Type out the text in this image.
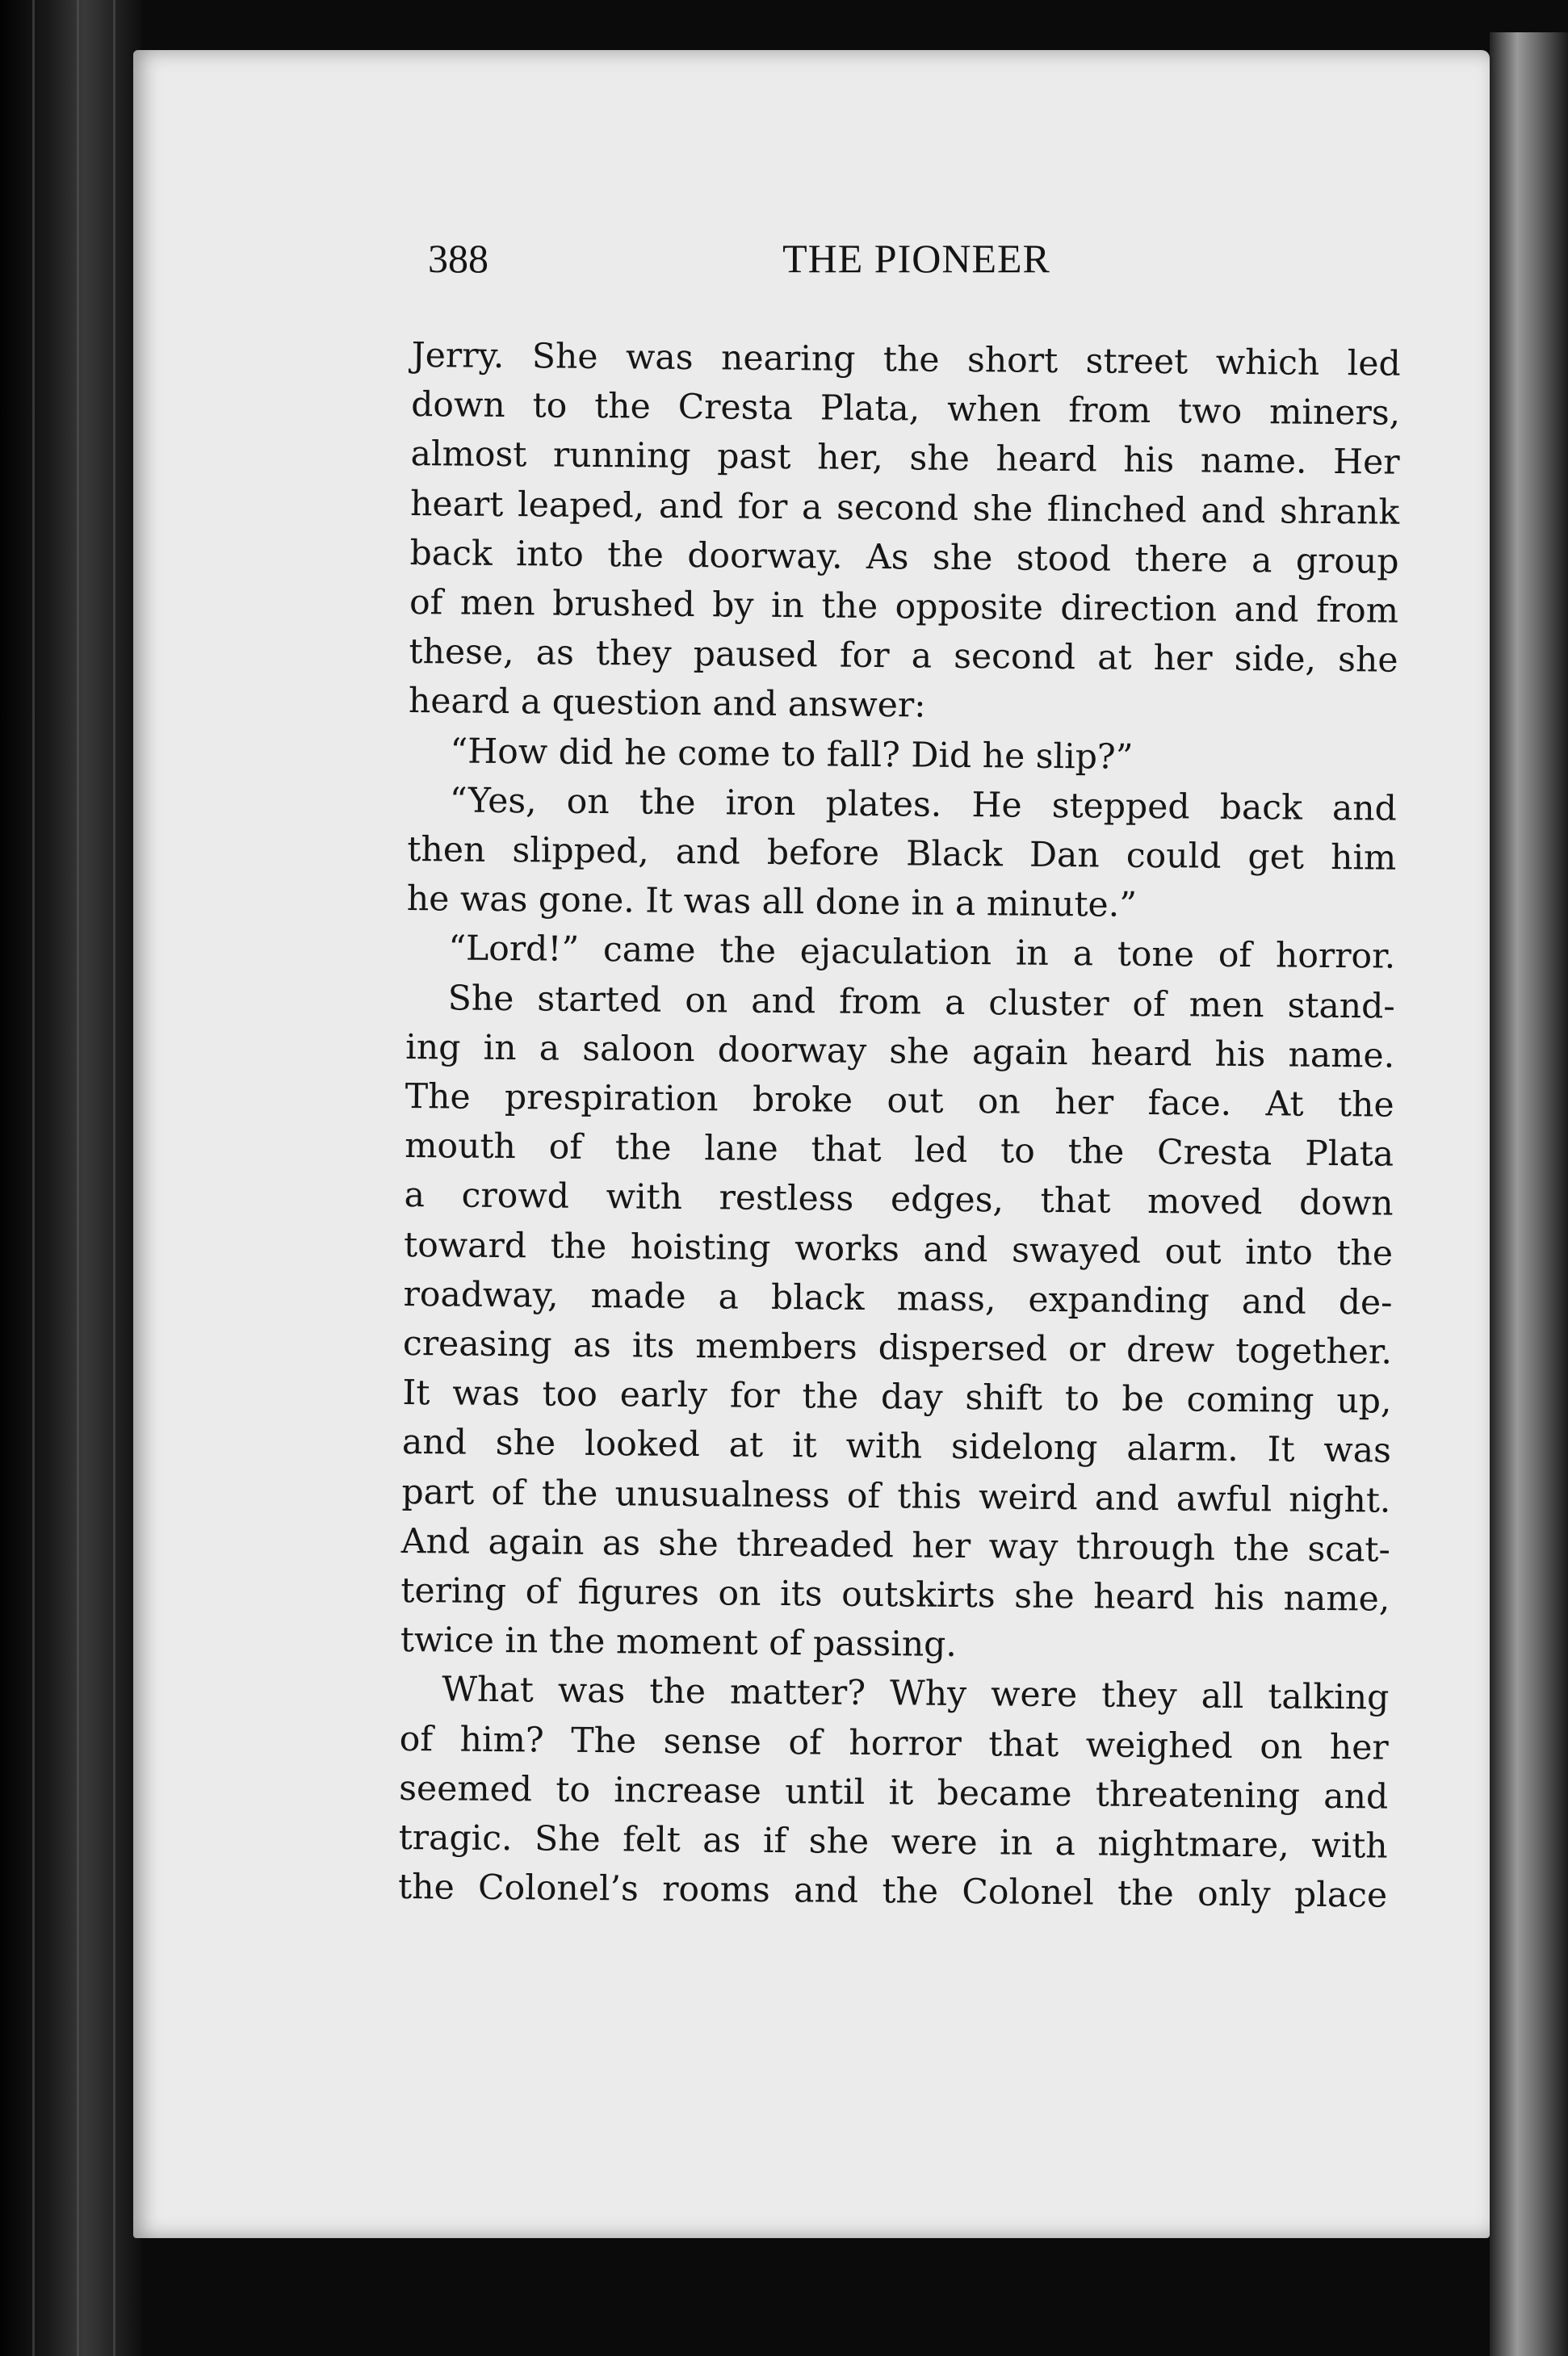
388	THE PIONEER
Jerry. She was nearing the short street which led
down to the Cresta Plata, when from two miners,
almost running past her, she heard his name. Her
heart leaped, and for a second she flinched and shrank
back into the doorway. As she stood there a group
of men brushed by in the opposite direction and from
these, as they paused for a second at her side, she
heard a question and answer:
“How did he come to fall? Did he slip?”
“Yes, on the iron plates. He stepped back and
then slipped, and before Black Dan could get him
he was gone. It was all done in a minute.”
“Lord!” came the ejaculation in a tone of horror.
She started on and from a cluster of men stand-
ing in a saloon doorway she again heard his name.
The prespiration broke out on her face. At the
mouth of the lane that led to the Cresta Plata
a crowd with restless edges, that moved down
toward the hoisting works and swayed out into the
roadway, made a black mass, expanding and de-
creasing as its members dispersed or drew together.
It was too early for the day shift to be coming up,
and she looked at it with sidelong alarm. It was
part of the unusualness of this weird and awful night.
And again as she threaded her way through the scat-
tering of figures on its outskirts she heard his name,
twice in the moment of passing.
What was the matter? Why were they all talking
of him? The sense of horror that weighed on her
seemed to increase until it became threatening and
tragic. She felt as if she were in a nightmare, with
the Colonel’s rooms and the Colonel the only place
